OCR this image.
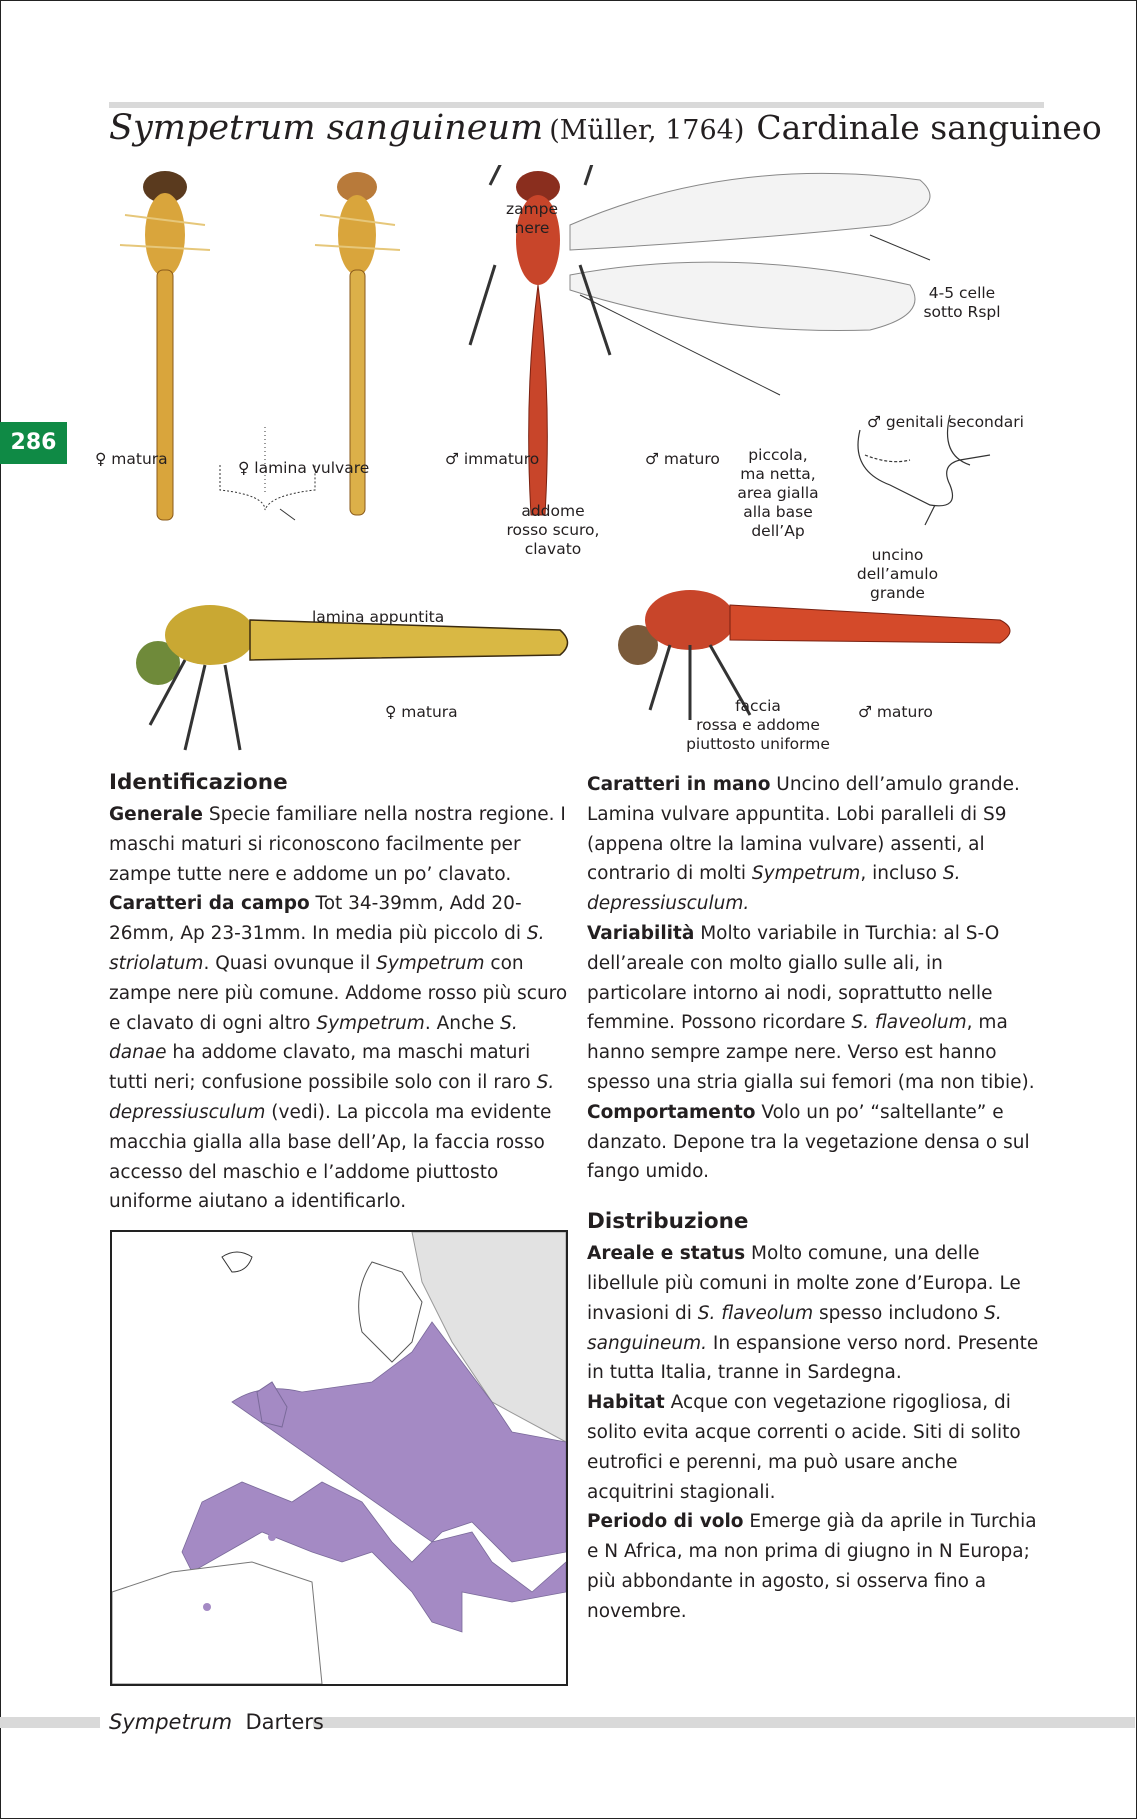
Sympetrum sanguineum (Müller, 1764) Cardinale sanguineo
286
zampe
nere
4-5 celle
sotto Rspl
♂ genitali secondari
♀ matura	♀ lamina vulvare	♂ immaturo	♂ maturo	piccola,
ma netta,
area gialla
alla base
dell’Ap
addome
rosso scuro,
clavato	uncino
dell’amulo
grande
lamina appuntita
♀ matura	faccia
rossa e addome
piuttosto uniforme
♂ maturo
Identificazione

Generale Specie familiare nella nostra regione. I maschi maturi si riconoscono facilmente per zampe tutte nere e addome un po’ clavato.

Caratteri da campo Tot 34-39mm, Add 20-26mm, Ap 23-31mm. In media più piccolo di S. striolatum. Quasi ovunque il Sympetrum con zampe nere più comune. Addome rosso più scuro e clavato di ogni altro Sympetrum. Anche S. danae ha addome clavato, ma maschi maturi tutti neri; confusione possibile solo con il raro S. depressiusculum (vedi). La piccola ma evidente macchia gialla alla base dell’Ap, la faccia rosso accesso del maschio e l’addome piuttosto uniforme aiutano a identificarlo.

Caratteri in mano Uncino dell’amulo grande. Lamina vulvare appuntita. Lobi paralleli di S9 (appena oltre la lamina vulvare) assenti, al contrario di molti Sympetrum, incluso S. depressiusculum.

Variabilità Molto variabile in Turchia: al S-O dell’areale con molto giallo sulle ali, in particolare intorno ai nodi, soprattutto nelle femmine. Possono ricordare S. flaveolum, ma hanno sempre zampe nere. Verso est hanno spesso una stria gialla sui femori (ma non tibie).

Comportamento Volo un po’ “saltellante” e danzato. Depone tra la vegetazione densa o sul fango umido.

Distribuzione

Areale e status Molto comune, una delle libellule più comuni in molte zone d’Europa. Le invasioni di S. flaveolum spesso includono S. sanguineum. In espansione verso nord. Presente in tutta Italia, tranne in Sardegna.

Habitat Acque con vegetazione rigogliosa, di solito evita acque correnti o acide. Siti di solito eutrofici e perenni, ma può usare anche acquitrini stagionali.

Periodo di volo Emerge già da aprile in Turchia e N Africa, ma non prima di giugno in N Europa; più abbondante in agosto, si osserva fino a novembre.

Sympetrum Darters
